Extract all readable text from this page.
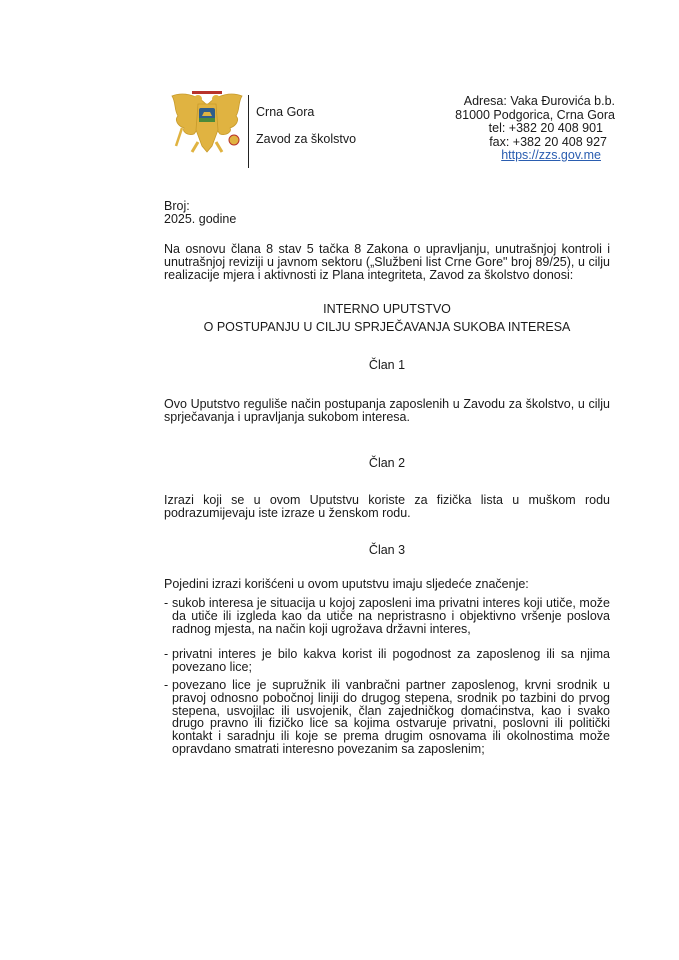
Crna Gora
Zavod za školstvo
Adresa: Vaka Đurovića b.b.
81000 Podgorica, Crna Gora
tel: +382 20 408 901
fax: +382 20 408 927
https://zzs.gov.me
Broj:
2025. godine
Na osnovu člana 8 stav 5 tačka 8 Zakona o upravljanju, unutrašnjoj kontroli i unutrašnjoj reviziji u javnom sektoru („Službeni list Crne Gore" broj 89/25), u cilju realizacije mjera i aktivnosti iz Plana integriteta, Zavod za školstvo donosi:
INTERNO UPUTSTVO
O POSTUPANJU U CILJU SPRJEČAVANJA SUKOBA INTERESA
Član 1
Ovo Uputstvo reguliše način postupanja zaposlenih u Zavodu za školstvo, u cilju sprječavanja i upravljanja sukobom interesa.
Član 2
Izrazi koji se u ovom Uputstvu koriste za fizička lista u muškom rodu podrazumijevaju iste izraze u ženskom rodu.
Član 3
Pojedini izrazi korišćeni u ovom uputstvu imaju sljedeće značenje:
- sukob interesa je situacija u kojoj zaposleni ima privatni interes koji utiče, može da utiče ili izgleda kao da utiče na nepristrasno i objektivno vršenje poslova radnog mjesta, na način koji ugrožava državni interes,
- privatni interes je bilo kakva korist ili pogodnost za zaposlenog ili sa njima povezano lice;
- povezano lice je supružnik ili vanbračni partner zaposlenog, krvni srodnik u pravoj odnosno pobočnoj liniji do drugog stepena, srodnik po tazbini do prvog stepena, usvojilac ili usvojenik, član zajedničkog domaćinstva, kao i svako drugo pravno ili fizičko lice sa kojima ostvaruje privatni, poslovni ili politički kontakt i saradnju ili koje se prema drugim osnovama ili okolnostima može opravdano smatrati interesno povezanim sa zaposlenim;
